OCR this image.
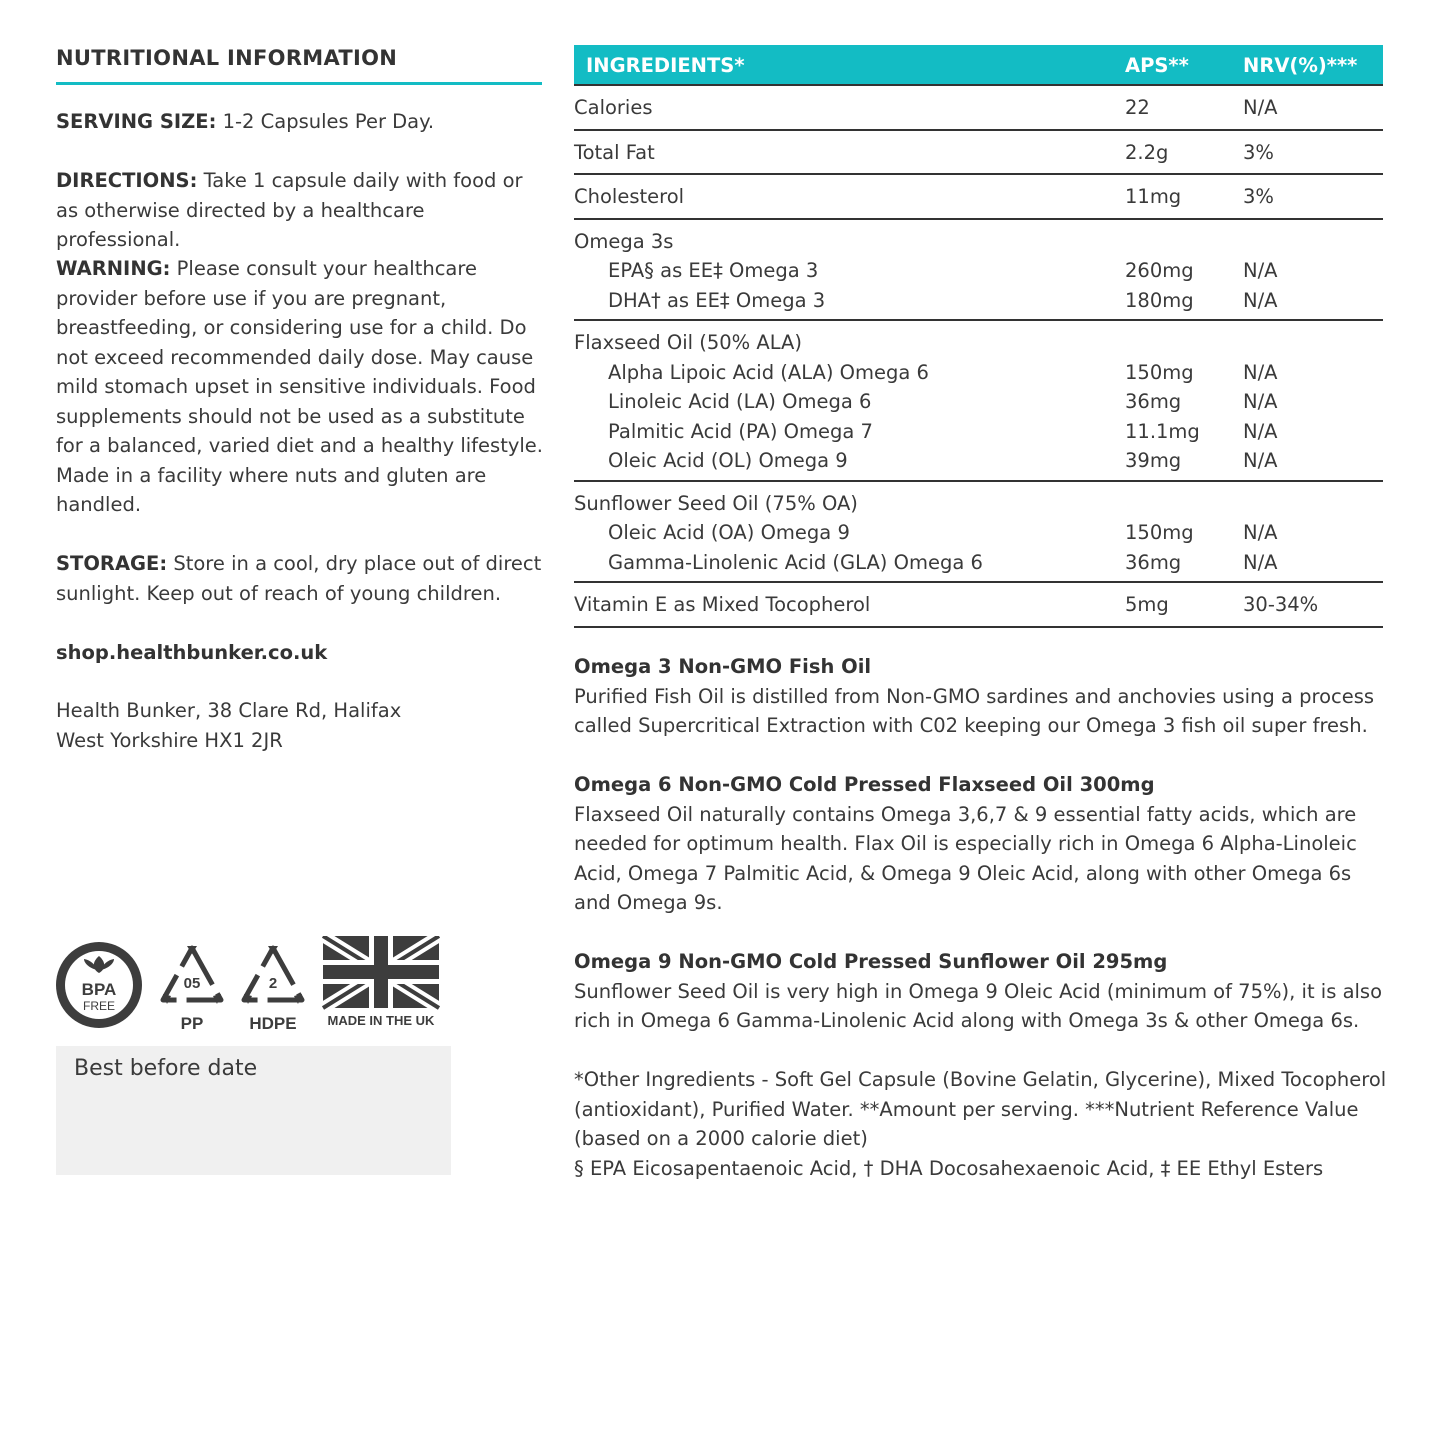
NUTRITIONAL INFORMATION
SERVING SIZE: 1-2 Capsules Per Day.
DIRECTIONS: Take 1 capsule daily with food or as otherwise directed by a healthcare professional.
WARNING: Please consult your healthcare provider before use if you are pregnant, breastfeeding, or considering use for a child. Do not exceed recommended daily dose. May cause mild stomach upset in sensitive individuals. Food supplements should not be used as a substitute for a balanced, varied diet and a healthy lifestyle. Made in a facility where nuts and gluten are handled.
STORAGE: Store in a cool, dry place out of direct sunlight. Keep out of reach of young children.
shop.healthbunker.co.uk
Health Bunker, 38 Clare Rd, Halifax
West Yorkshire HX1 2JR
BPA
FREE
05
PP
2
HDPE MADE IN THE UK
Best before date
INGREDIENTS*	APS**	NRV(%)***
Calories	22	N/A
Total Fat	2.2g	3%
Cholesterol	11mg	3%
Omega 3s
EPA§ as EE‡ Omega 3	260mg	N/A
DHA† as EE‡ Omega 3	180mg	N/A
Flaxseed Oil (50% ALA)
Alpha Lipoic Acid (ALA) Omega 6	150mg	N/A
Linoleic Acid (LA) Omega 6	36mg	N/A
Palmitic Acid (PA) Omega 7	11.1mg N/A
Oleic Acid (OL) Omega 9	39mg	N/A
Sunflower Seed Oil (75% OA)
Oleic Acid (OA) Omega 9	150mg	N/A
Gamma-Linolenic Acid (GLA) Omega 6	36mg	N/A
Vitamin E as Mixed Tocopherol	5mg	30-34%
Omega 3 Non-GMO Fish Oil
Purified Fish Oil is distilled from Non-GMO sardines and anchovies using a process called Supercritical Extraction with C02 keeping our Omega 3 fish oil super fresh.
Omega 6 Non-GMO Cold Pressed Flaxseed Oil 300mg
Flaxseed Oil naturally contains Omega 3,6,7 & 9 essential fatty acids, which are needed for optimum health. Flax Oil is especially rich in Omega 6 Alpha-Linoleic Acid, Omega 7 Palmitic Acid, & Omega 9 Oleic Acid, along with other Omega 6s and Omega 9s.
Omega 9 Non-GMO Cold Pressed Sunflower Oil 295mg
Sunflower Seed Oil is very high in Omega 9 Oleic Acid (minimum of 75%), it is also rich in Omega 6 Gamma-Linolenic Acid along with Omega 3s & other Omega 6s.
*Other Ingredients - Soft Gel Capsule (Bovine Gelatin, Glycerine), Mixed Tocopherol (antioxidant), Purified Water. **Amount per serving. ***Nutrient Reference Value (based on a 2000 calorie diet)
§ EPA Eicosapentaenoic Acid, † DHA Docosahexaenoic Acid, ‡ EE Ethyl Esters
